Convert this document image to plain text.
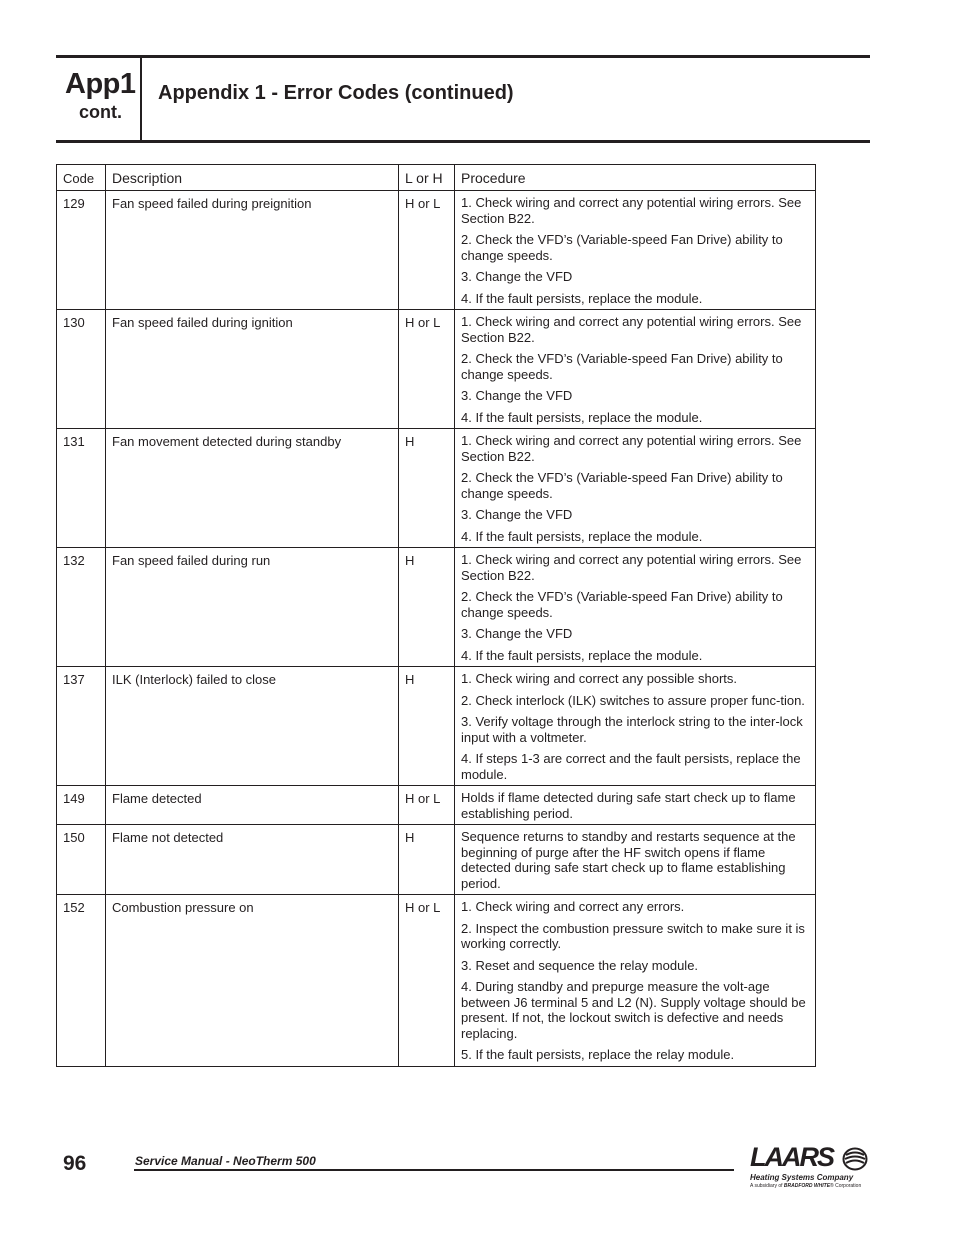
App1
cont.
Appendix 1 - Error Codes (continued)
Code	Description	L or H	Procedure
129	Fan speed failed during preignition	H or L	1. Check wiring and correct any potential wiring errors. See Section B22.
2. Check the VFD’s (Variable-speed Fan Drive) ability to change speeds.
3. Change the VFD
4. If the fault persists, replace the module.

130	Fan speed failed during ignition	H or L	1. Check wiring and correct any potential wiring errors. See Section B22.
2. Check the VFD’s (Variable-speed Fan Drive) ability to change speeds.
3. Change the VFD
4. If the fault persists, replace the module.

131	Fan movement detected during standby	H	1. Check wiring and correct any potential wiring errors. See Section B22.
2. Check the VFD’s (Variable-speed Fan Drive) ability to change speeds.
3. Change the VFD
4. If the fault persists, replace the module.

132	Fan speed failed during run	H	1. Check wiring and correct any potential wiring errors. See Section B22.
2. Check the VFD’s (Variable-speed Fan Drive) ability to change speeds.
3. Change the VFD
4. If the fault persists, replace the module.

137	ILK (Interlock) failed to close	H	1. Check wiring and correct any possible shorts.
2. Check interlock (ILK) switches to assure proper func-tion.
3. Verify voltage through the interlock string to the inter-lock input with a voltmeter.
4. If steps 1-3 are correct and the fault persists, replace the module.

149	Flame detected	H or L	Holds if flame detected during safe start check up to flame establishing period.

150	Flame not detected	H	Sequence returns to standby and restarts sequence at the beginning of purge after the HF switch opens if flame detected during safe start check up to flame establishing period.

152	Combustion pressure on	H or L	1. Check wiring and correct any errors.
2. Inspect the combustion pressure switch to make sure it is working correctly.
3. Reset and sequence the relay module.
4. During standby and prepurge measure the volt-age between J6 terminal 5 and L2 (N). Supply voltage should be present. If not, the lockout switch is defective and needs replacing.
5. If the fault persists, replace the relay module.
96	Service Manual - NeoTherm 500	LAARS
Heating Systems Company
A subsidiary of BRADFORD WHITE® Corporation
